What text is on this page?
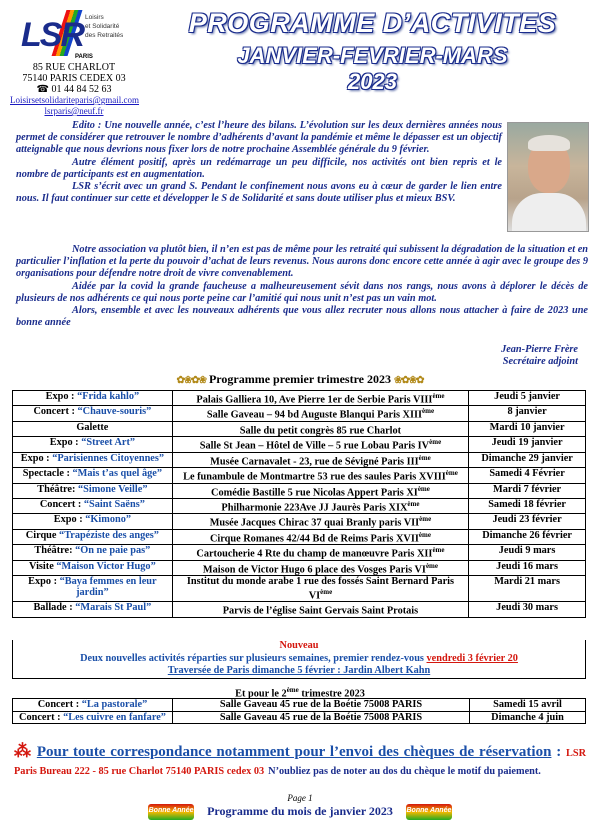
LSR Loisirs
et Solidarité
des Retraités
PARIS
85 RUE CHARLOT
75140 PARIS CEDEX 03
☎ 01 44 84 52 63
Loisirsetsolidariteparis@gmail.com
lsrparis@neuf.fr
PROGRAMME D’ACTIVITES
JANVIER-FEVRIER-MARS
2023

Edito : Une nouvelle année, c’est l’heure des bilans. L’évolution sur les deux dernières années nous permet de considérer que retrouver le nombre d’adhérents d’avant la pandémie et même le dépasser est un objectif atteignable que nous devrions nous fixer lors de notre prochaine Assemblée générale du 9 février.

Autre élément positif, après un redémarrage un peu difficile, nos activités ont bien repris et le nombre de participants est en augmentation.

LSR s’écrit avec un grand S. Pendant le confinement nous avons eu à cœur de garder le lien entre nous. Il faut continuer sur cette et développer le S de Solidarité et sans doute utiliser plus et mieux BSV.

Notre association va plutôt bien, il n’en est pas de même pour les retraité qui subissent la dégradation de la situation et en particulier l’inflation et la perte du pouvoir d’achat de leurs revenus. Nous aurons donc encore cette année à agir avec le groupe des 9 organisations pour défendre notre droit de vivre convenablement.

Aidée par la covid la grande faucheuse a malheureusement sévit dans nos rangs, nous avons à déplorer le décès de plusieurs de nos adhérents ce qui nous porte peine car l’amitié qui nous unit n’est pas un vain mot.

Alors, ensemble et avec les nouveaux adhérents que vous allez recruter nous allons nous attacher à faire de 2023 une bonne année

Jean-Pierre Frère
Secrétaire adjoint
✿❀✿❀ Programme premier trimestre 2023 ❀✿❀✿
Expo : “Frida kahlo”	Palais Galliera 10, Ave Pierre 1er de Serbie Paris VIIIème	Jeudi 5 janvier
Concert : “Chauve-souris”	Salle Gaveau – 94 bd Auguste Blanqui Paris XIIIème	8 janvier
Galette	Salle du petit congrès 85 rue Charlot	Mardi 10 janvier
Expo : “Street Art”	Salle St Jean – Hôtel de Ville – 5 rue Lobau Paris IVème	Jeudi 19 janvier
Expo : “Parisiennes Citoyennes”	Musée Carnavalet - 23, rue de Sévigné Paris IIIème	Dimanche 29 janvier
Spectacle : “Mais t’as quel âge”	Le funambule de Montmartre 53 rue des saules Paris XVIIIème	Samedi 4 Février
Théâtre: “Simone Veille”	Comédie Bastille 5 rue Nicolas Appert Paris XIème	Mardi 7 février
Concert : “Saint Saëns”	Philharmonie 223Ave JJ Jaurès Paris XIXème	Samedi 18 février
Expo : “Kimono”	Musée Jacques Chirac 37 quai Branly paris VIIème	Jeudi 23 février
Cirque “Trapéziste des anges”	Cirque Romanes 42/44 Bd de Reims Paris XVIIème	Dimanche 26 février
Théâtre: “On ne paie pas”	Cartoucherie 4 Rte du champ de manœuvre Paris XIIème	Jeudi 9 mars
Visite “Maison Victor Hugo”	Maison de Victor Hugo 6 place des Vosges Paris VIème	Jeudi 16 mars
Expo : “Baya femmes en leur jardin”	Institut du monde arabe 1 rue des fossés Saint Bernard Paris VIème	Mardi 21 mars
Ballade : “Marais St Paul”	Parvis de l’église Saint Gervais Saint Protais	Jeudi 30 mars
Nouveau
Deux nouvelles activités réparties sur plusieurs semaines, premier rendez-vous vendredi 3 février 20
Traversée de Paris dimanche 5 février : Jardin Albert Kahn
Et pour le 2ème trimestre 2023
Concert : “La pastorale”	Salle Gaveau 45 rue de la Boétie 75008 PARIS	Samedi 15 avril
Concert : “Les cuivre en fanfare”	Salle Gaveau 45 rue de la Boétie 75008 PARIS	Dimanche 4 juin
⁂ Pour toute correspondance notamment pour l’envoi des chèques de réservation : LSR Paris Bureau 222 - 85 rue Charlot 75140 PARIS cedex 03 N’oubliez pas de noter au dos du chèque le motif du paiement.
Page 1
Bonne Année Programme du mois de janvier 2023 Bonne Année
